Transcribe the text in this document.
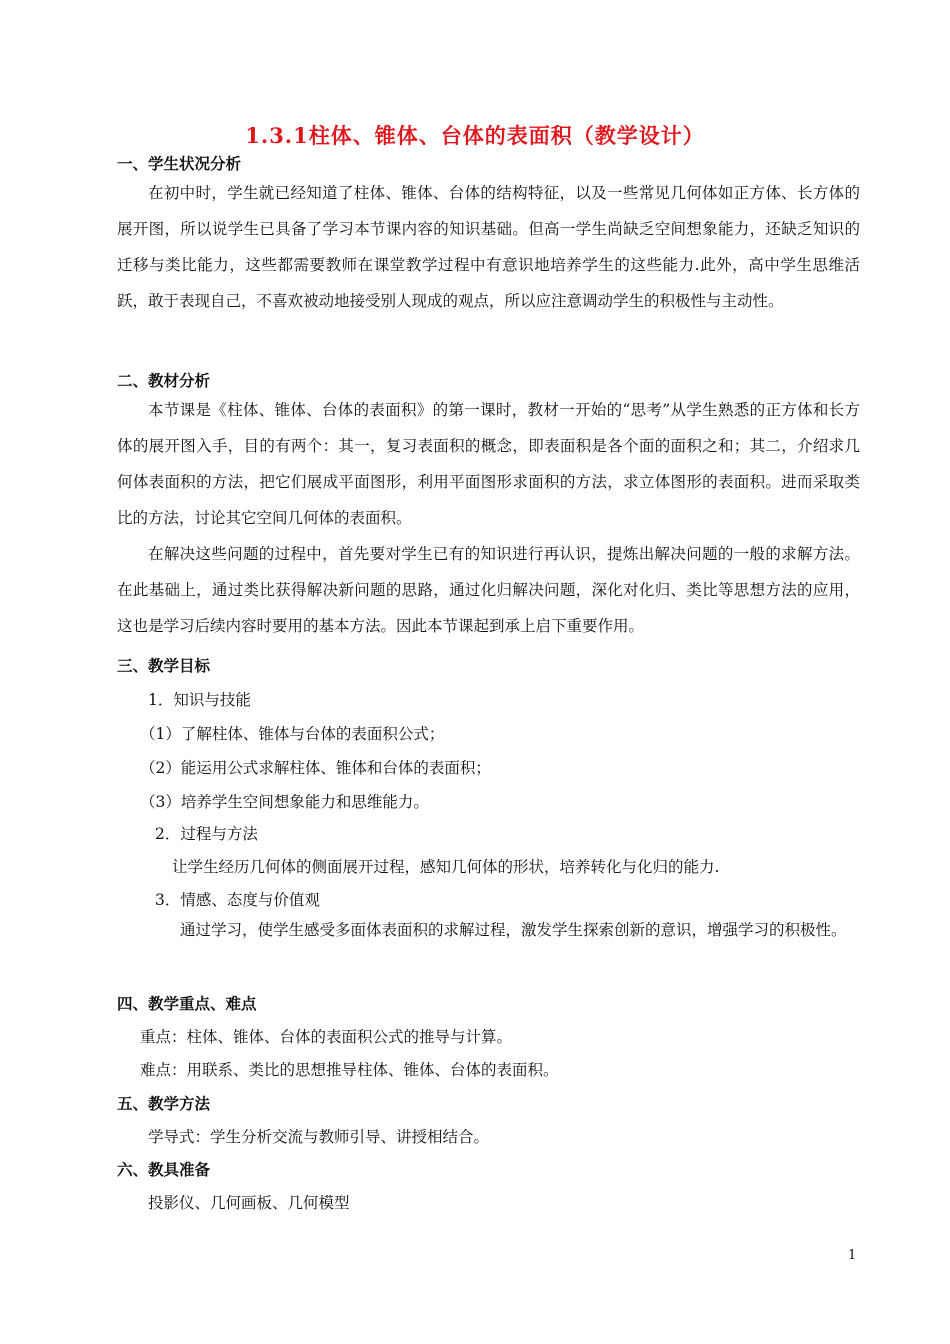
1.3.1柱体、锥体、台体的表面积（教学设计）
一、学生状况分析
在初中时，学生就已经知道了柱体、锥体、台体的结构特征，以及一些常见几何体如正方体、长方体的展开图，所以说学生已具备了学习本节课内容的知识基础。但高一学生尚缺乏空间想象能力，还缺乏知识的迁移与类比能力，这些都需要教师在课堂教学过程中有意识地培养学生的这些能力.此外，高中学生思维活跃，敢于表现自己，不喜欢被动地接受别人现成的观点，所以应注意调动学生的积极性与主动性。
二、教材分析
本节课是《柱体、锥体、台体的表面积》的第一课时，教材一开始的“思考”从学生熟悉的正方体和长方体的展开图入手，目的有两个：其一，复习表面积的概念，即表面积是各个面的面积之和；其二，介绍求几何体表面积的方法，把它们展成平面图形，利用平面图形求面积的方法，求立体图形的表面积。进而采取类比的方法，讨论其它空间几何体的表面积。
在解决这些问题的过程中，首先要对学生已有的知识进行再认识，提炼出解决问题的一般的求解方法。在此基础上，通过类比获得解决新问题的思路，通过化归解决问题，深化对化归、类比等思想方法的应用，这也是学习后续内容时要用的基本方法。因此本节课起到承上启下重要作用。
三、教学目标
1．知识与技能
（1）了解柱体、锥体与台体的表面积公式；
（2）能运用公式求解柱体、锥体和台体的表面积；
（3）培养学生空间想象能力和思维能力。
2．过程与方法
让学生经历几何体的侧面展开过程，感知几何体的形状，培养转化与化归的能力.
3．情感、态度与价值观
通过学习，使学生感受多面体表面积的求解过程，激发学生探索创新的意识，增强学习的积极性。
四、教学重点、难点
重点：柱体、锥体、台体的表面积公式的推导与计算。
难点：用联系、类比的思想推导柱体、锥体、台体的表面积。
五、教学方法
学导式：学生分析交流与教师引导、讲授相结合。
六、教具准备
投影仪、几何画板、几何模型
1
